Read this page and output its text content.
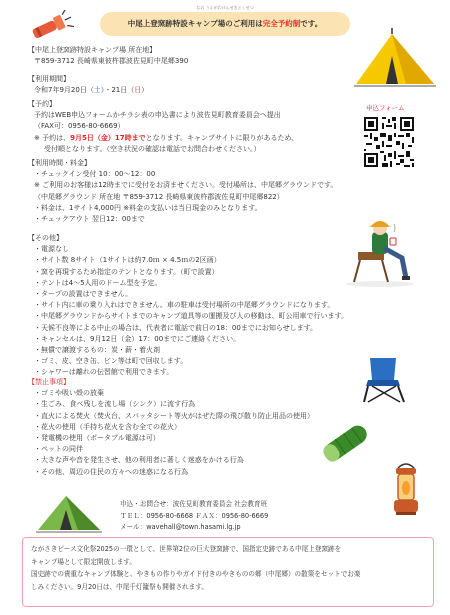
なお うえがわけんせきとくせつ
中尾上登窯跡特設キャンプ場のご利用は完全予約制です。
【中尾上登窯跡特設キャンプ場 所在地】
〒859-3712 長崎県東彼杵郡波佐見町中尾郷390
【利用期間】
令和7年9月20日（土）・21日（日）
【予約】
予約はWEB申込フォームかチラシ表の申込書により波佐見町教育委員会へ提出
（FAX可：0956-80-6669）
※ 予約は、9月5日（金）17時までとなります。キャンプサイトに限りがあるため、
受付順となります。（空き状況の確認は電話でお問合わせください。）
申込フォーム
【利用時間・料金】
・チェックイン受付 10：00～12：00
※ ご利用のお客様は12時までに受付をお済ませください。受付場所は、中尾郷グラウンドです。
（中尾郷グラウンド 所在地 〒859-3712 長崎県東彼杵郡波佐見町中尾郷822）
・料金は、1サイト4,000円 ※料金の支払いは当日現金のみとなります。
・チェックアウト 翌日12：00まで
【その他】
・電源なし
・サイト数 8サイト（1サイトは約7.0ｍ × 4.5ｍの2区画）
・窯を再現するため指定のテントとなります。（町で設置）
・テントは4～5人用のドーム型を予定。
・タープの設置はできません。
・サイト内に車の乗り入れはできません。車の駐車は受付場所の中尾郷グラウンドになります。
・中尾郷グラウンドからサイトまでのキャンプ道具等の運搬及び人の移動は、町公用車で行います。
・天候不良等による中止の場合は、代表者に電話で前日の18：00までにお知らせします。
・キャンセルは、9月12日（金）17：00までにご連絡ください。
・無償で譲渡するもの：炭・薪・着火剤
・ゴミ、皮、空き缶、ビン等は町で回収します。
・シャワーは離れの伝習館で利用できます。
【禁止事項】
・ゴミや吸い殻の放棄
・生ごみ、食べ残しを流し場（シンク）に流す行為
・直火による焚火（焚火台、スパッタシート等火がはぜた際の飛び散り防止用品の使用）
・花火の使用（手持ち花火を含む全ての花火）
・発電機の使用（ポータブル電源は可）
・ペットの同伴
・大きな声や音を発生させ、他の利用者に著しく迷惑をかける行為
・その他、周辺の住民の方々への迷惑になる行為
申込・お問合せ：波佐見町教育委員会 社会教育班
ＴＥＬ：0956-80-6668 ＦＡＸ：0956-80-6669
メール：wavehall@town.hasami.lg.jp
ながさきピース文化祭2025の一環として、世界第2位の巨大登窯跡で、国指定史跡である中尾上登窯跡を
キャンプ場として限定開放します。
国史跡での貴重なキャンプ体験と、やきもの作りやガイド付きのやきものの郷（中尾郷）の散策をセットでお楽
しみください。9月20日は、中尾千灯籠祭も開催されます。
